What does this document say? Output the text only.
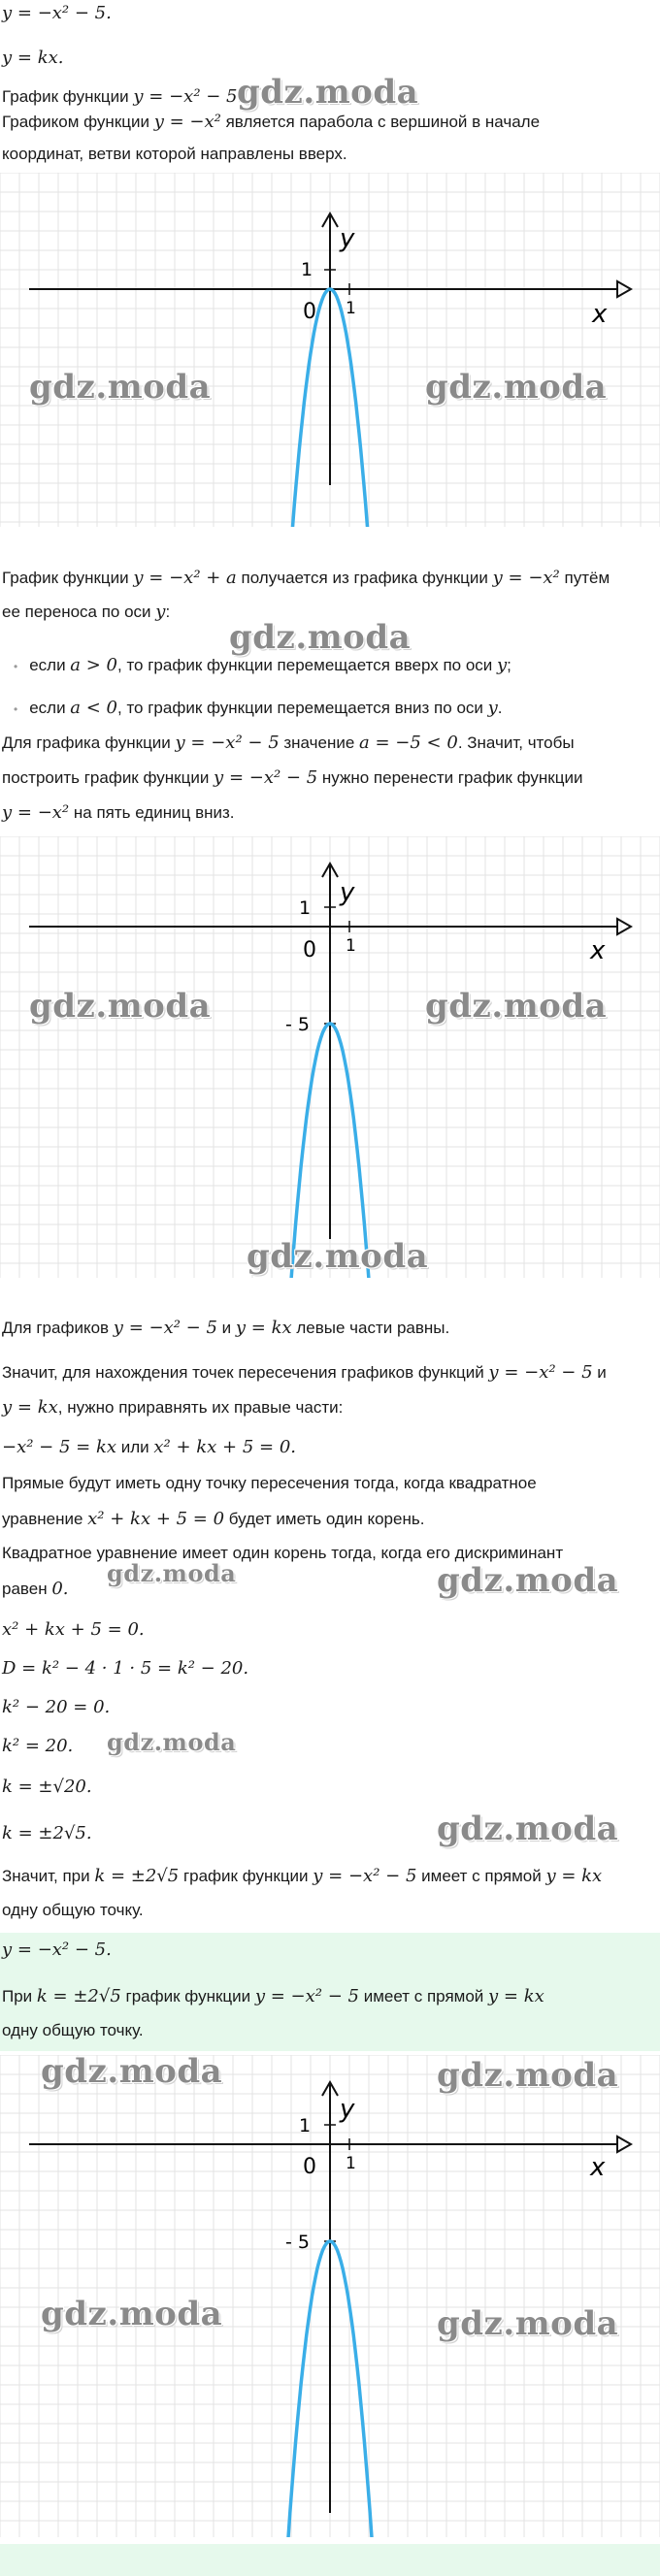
y = −x² − 5.

y = kx.

График функции y = −x² − 5.

Графиком функции y = −x² является парабола с вершиной в начале

координат, ветви которой направлены вверх.

x
y
0
1
1

График функции y = −x² + a получается из графика функции y = −x² путём

ее переноса по оси y:

• если a > 0, то график функции перемещается вверх по оси y;

• если a < 0, то график функции перемещается вниз по оси y.

Для графика функции y = −x² − 5 значение a = −5 < 0. Значит, чтобы

построить график функции y = −x² − 5 нужно перенести график функции

y = −x² на пять единиц вниз.

x
y
0
1
1
- 5

Для графиков y = −x² − 5 и y = kx левые части равны.

Значит, для нахождения точек пересечения графиков функций y = −x² − 5 и

y = kx, нужно приравнять их правые части:

−x² − 5 = kx или x² + kx + 5 = 0.

Прямые будут иметь одну точку пересечения тогда, когда квадратное

уравнение x² + kx + 5 = 0 будет иметь один корень.

Квадратное уравнение имеет один корень тогда, когда его дискриминант

равен 0.

x² + kx + 5 = 0.

D = k² − 4 · 1 · 5 = k² − 20.

k² − 20 = 0.

k² = 20.

k = ±√20.

k = ±2√5.

Значит, при k = ±2√5 график функции y = −x² − 5 имеет с прямой y = kx

одну общую точку.

y = −x² − 5.

При k = ±2√5 график функции y = −x² − 5 имеет с прямой y = kx

одну общую точку.

x
y
0
1
1
- 5
gdz.moda
gdz.moda	gdz.moda
gdz.moda
gdz.moda	gdz.moda
gdz.moda
gdz.moda	gdz.moda
gdz.moda
gdz.moda
gdz.moda	gdz.moda
gdz.moda	gdz.moda
